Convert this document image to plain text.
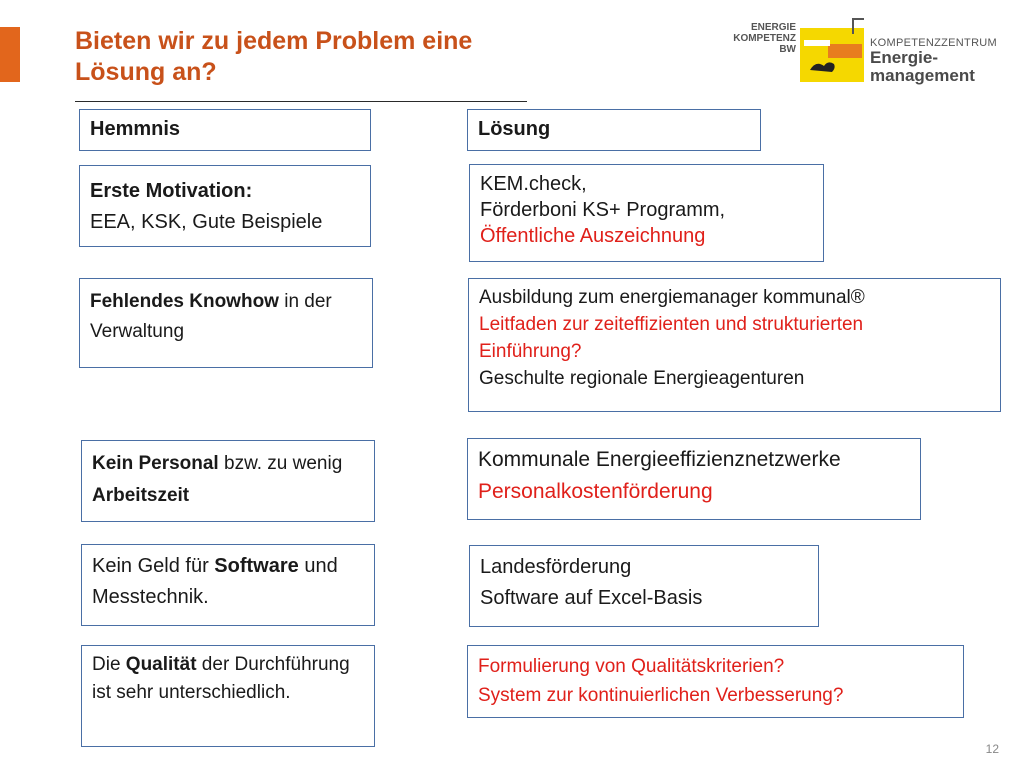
Bieten wir zu jedem Problem eine Lösung an?
ENERGIE
KOMPETENZ
BW
KOMPETENZZENTRUM
Energie-
management
Hemmnis	Lösung
Erste Motivation:
EEA, KSK, Gute Beispiele
KEM.check,
Förderboni KS+ Programm,
Öffentliche Auszeichnung
Fehlendes Knowhow in der Verwaltung
Ausbildung zum energiemanager kommunal®
Leitfaden zur zeiteffizienten und strukturierten
Einführung?
Geschulte regionale Energieagenturen
Kein Personal bzw. zu wenig Arbeitszeit
Kommunale Energieeffizienznetzwerke
Personalkostenförderung
Kein Geld für Software und Messtechnik.
Landesförderung
Software auf Excel-Basis
Die Qualität der Durchführung ist sehr unterschiedlich.
Formulierung von Qualitätskriterien?
System zur kontinuierlichen Verbesserung?
12
